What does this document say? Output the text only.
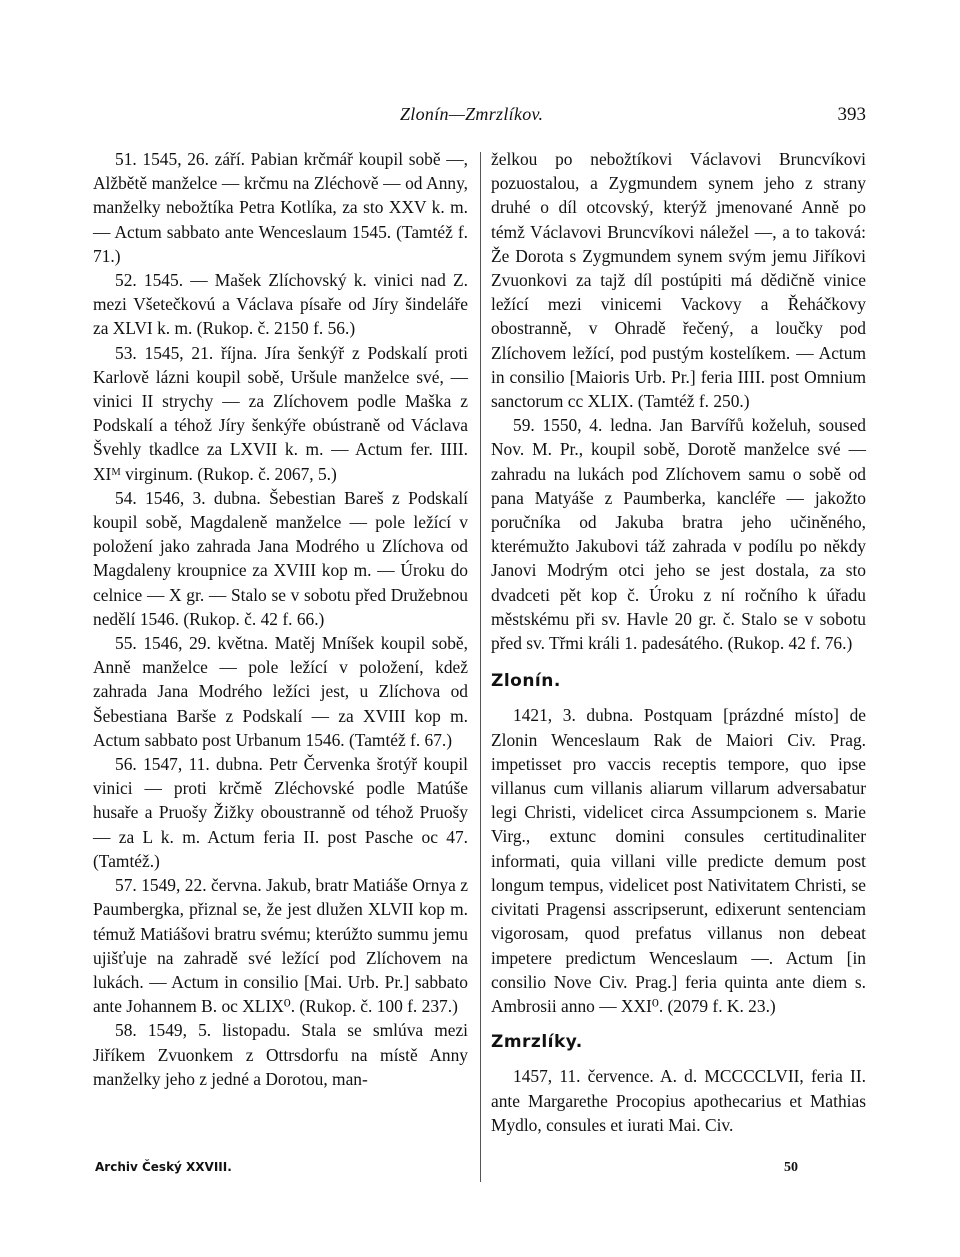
Zlonín—Zmrzlíkov.	393

51. 1545, 26. září. Pabian krčmář koupil sobě —, Alžbětě manželce — krčmu na Zléchově — od Anny, manželky nebožtíka Petra Kotlíka, za sto XXV k. m. — Actum sabbato ante Wenceslaum 1545. (Tamtéž f. 71.)

52. 1545. — Mašek Zlíchovský k. vinici nad Z. mezi Všetečkovú a Václava písaře od Jíry šindeláře za XLVI k. m. (Rukop. č. 2150 f. 56.)

53. 1545, 21. října. Jíra šenkýř z Podskalí proti Karlově lázni koupil sobě, Uršule manželce své, — vinici II strychy — za Zlíchovem podle Maška z Podskalí a téhož Jíry šenkýře obústraně od Václava Švehly tkadlce za LXVII k. m. — Actum fer. IIII. XIᴹ virginum. (Rukop. č. 2067, 5.)

54. 1546, 3. dubna. Šebestian Bareš z Podskalí koupil sobě, Magdaleně manželce — pole ležící v položení jako zahrada Jana Modrého u Zlíchova od Magdaleny kroupnice za XVIII kop m. — Úroku do celnice — X gr. — Stalo se v sobotu před Družebnou nedělí 1546. (Rukop. č. 42 f. 66.)

55. 1546, 29. května. Matěj Mníšek koupil sobě, Anně manželce — pole ležící v položení, kdež zahrada Jana Modrého ležíci jest, u Zlíchova od Šebestiana Barše z Podskalí — za XVIII kop m. Actum sabbato post Urbanum 1546. (Tamtéž f. 67.)

56. 1547, 11. dubna. Petr Červenka šrotýř koupil vinici — proti krčmě Zléchovské podle Matúše husaře a Pruošy Žižky oboustranně od téhož Pruošy — za L k. m. Actum feria II. post Pasche oc 47. (Tamtéž.)

57. 1549, 22. června. Jakub, bratr Matiáše Ornya z Paumbergka, přiznal se, že jest dlužen XLVII kop m. témuž Matiášovi bratru svému; kterúžto summu jemu ujišťuje na zahradě své ležící pod Zlíchovem na lukách. — Actum in consilio [Mai. Urb. Pr.] sabbato ante Johannem B. oc XLIX⁰. (Rukop. č. 100 f. 237.)

58. 1549, 5. listopadu. Stala se smlúva mezi Jiříkem Zvuonkem z Ottrsdorfu na místě Anny manželky jeho z jedné a Dorotou, man-

želkou po nebožtíkovi Václavovi Bruncvíkovi pozuostalou, a Zygmundem synem jeho z strany druhé o díl otcovský, kterýž jmenované Anně po témž Václavovi Bruncvíkovi náležel —, a to taková: Že Dorota s Zygmundem synem svým jemu Jiříkovi Zvuonkovi za tajž díl postúpiti má dědičně vinice ležící mezi vinicemi Vackovy a Řeháčkovy obostranně, v Ohradě řečený, a loučky pod Zlíchovem ležící, pod pustým kostelíkem. — Actum in consilio [Maioris Urb. Pr.] feria IIII. post Omnium sanctorum cc XLIX. (Tamtéž f. 250.)

59. 1550, 4. ledna. Jan Barvířů koželuh, soused Nov. M. Pr., koupil sobě, Dorotě manželce své — zahradu na lukách pod Zlíchovem samu o sobě od pana Matyáše z Paumberka, kancléře — jakožto poručníka od Jakuba bratra jeho učiněného, kterémužto Jakubovi táž zahrada v podílu po někdy Janovi Modrým otci jeho se jest dostala, za sto dvadceti pět kop č. Úroku z ní ročního k úřadu městskému při sv. Havle 20 gr. č. Stalo se v sobotu před sv. Třmi králi 1. padesátého. (Rukop. 42 f. 76.)

Zlonín.

1421, 3. dubna. Postquam [prázdné místo] de Zlonin Wenceslaum Rak de Maiori Civ. Prag. impetisset pro vaccis receptis tempore, quo ipse villanus cum villanis aliarum villarum adversabatur legi Christi, videlicet circa Assumpcionem s. Marie Virg., extunc domini consules certitudinaliter informati, quia villani ville predicte demum post longum tempus, videlicet post Nativitatem Christi, se civitati Pragensi asscripserunt, edixerunt sentenciam vigorosam, quod prefatus villanus non debeat impetere predictum Wenceslaum —. Actum [in consilio Nove Civ. Prag.] feria quinta ante diem s. Ambrosii anno — XXI⁰. (2079 f. K. 23.)

Zmrzlíky.

1457, 11. července. A. d. MCCCCLVII, feria II. ante Margarethe Procopius apothecarius et Mathias Mydlo, consules et iurati Mai. Civ.

Archiv Český XXVIII.	50
